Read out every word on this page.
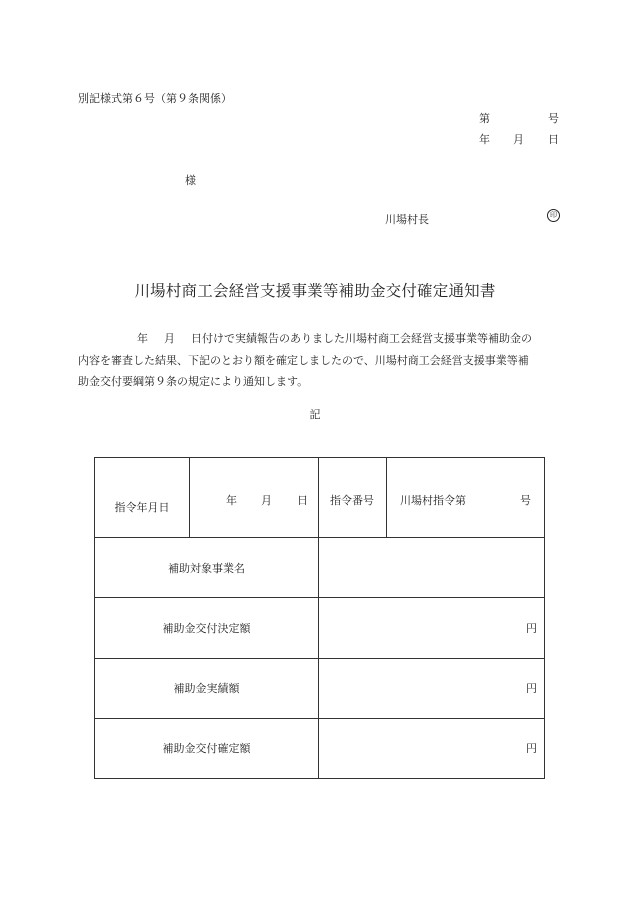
別記様式第６号（第９条関係）
第	号
年 月 日
様
川場村長	印
川場村商工会経営支援事業等補助金交付確定通知書

年 月 日付けで実績報告のありました川場村商工会経営支援事業等補助金の

内容を審査した結果、下記のとおり額を確定しましたので、川場村商工会経営支援事業等補

助金交付要綱第９条の規定により通知します。

記
指令年月日	年 月 日	指令番号	川場村指令第 号

補助対象事業名			
補助金交付決定額		円	
補助金実績額		円	
補助金交付確定額		円	
